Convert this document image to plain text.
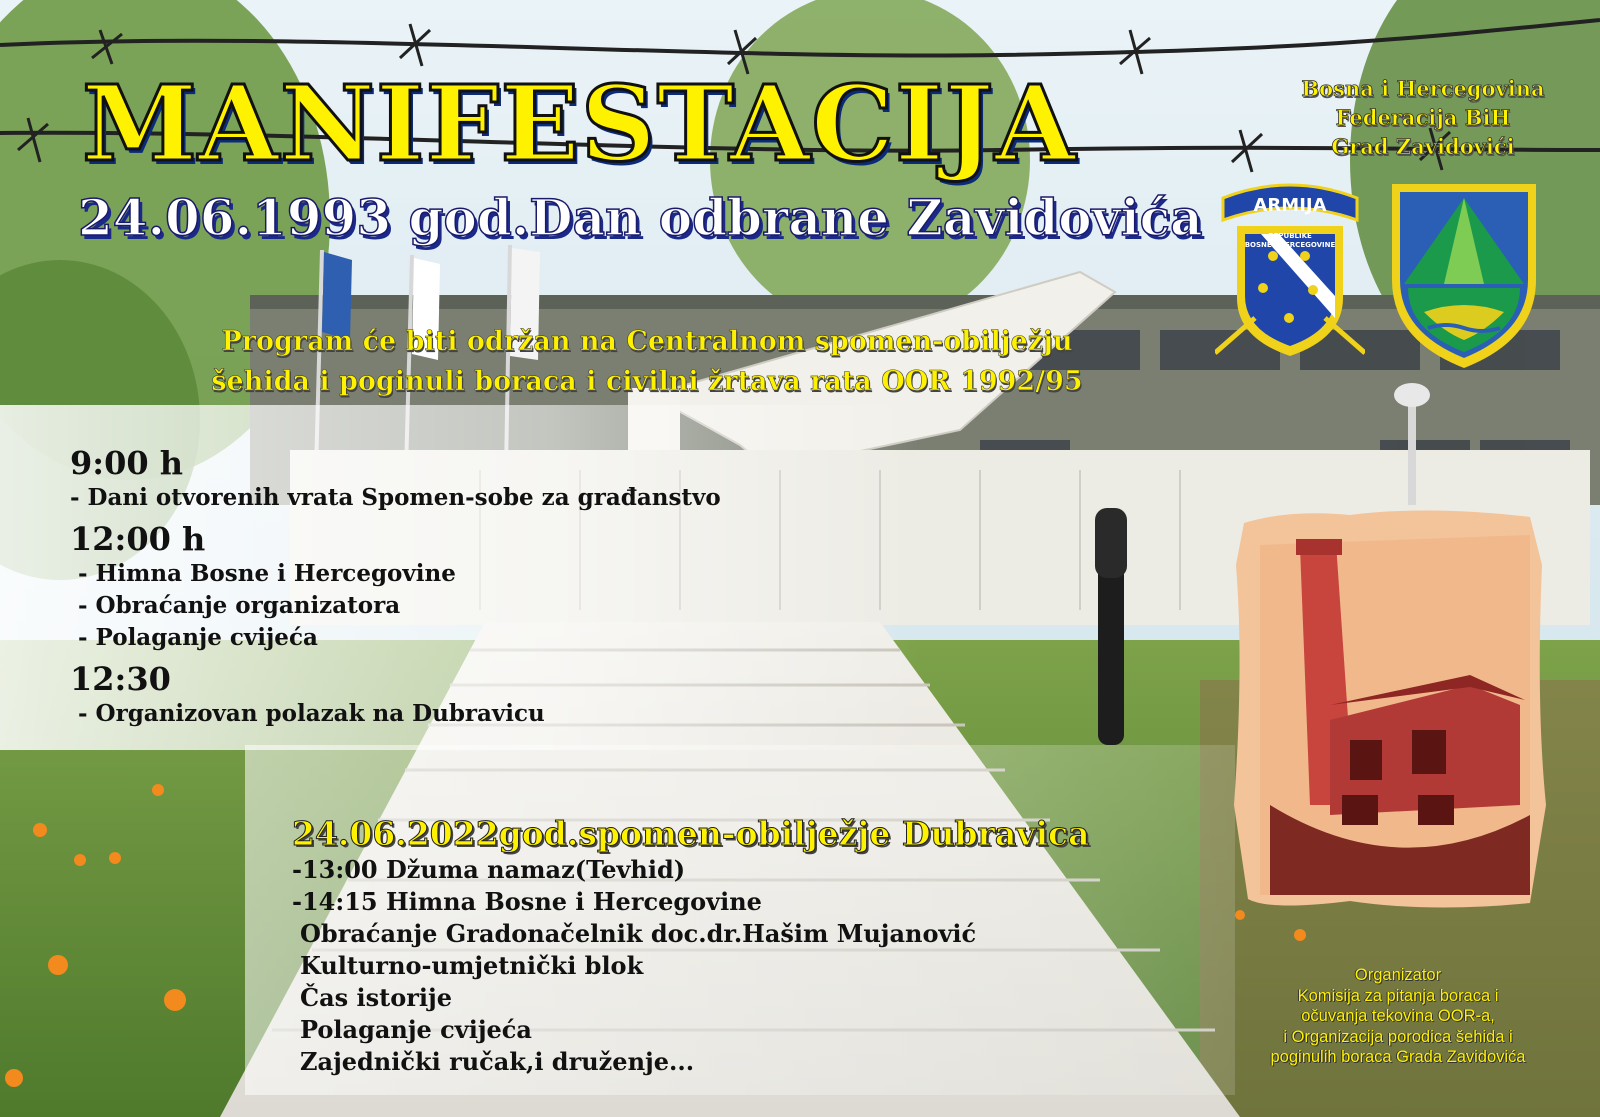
ARMIJA
REPUBLIKE
BOSNE I HERCEGOVINE
MANIFESTACIJA
24.06.1993 god.Dan odbrane Zavidovića
Bosna i Hercegovina
Federacija BiH
Grad Zavidovići
Program će biti održan na Centralnom spomen-obilježju
šehida i poginuli boraca i civilni žrtava rata OOR 1992/95
9:00 h
- Dani otvorenih vrata Spomen-sobe za građanstvo
12:00 h
- Himna Bosne i Hercegovine
- Obraćanje organizatora
- Polaganje cvijeća
12:30
- Organizovan polazak na Dubravicu
24.06.2022god.spomen-obilježje Dubravica
-13:00 Džuma namaz(Tevhid)
-14:15 Himna Bosne i Hercegovine
Obraćanje Gradonačelnik doc.dr.Hašim Mujanović
Kulturno-umjetnički blok
Čas istorije
Polaganje cvijeća
Zajednički ručak,i druženje...
Organizator
Komisija za pitanja boraca i
očuvanja tekovina OOR-a,
i Organizacija porodica šehida i
poginulih boraca Grada Zavidovića
